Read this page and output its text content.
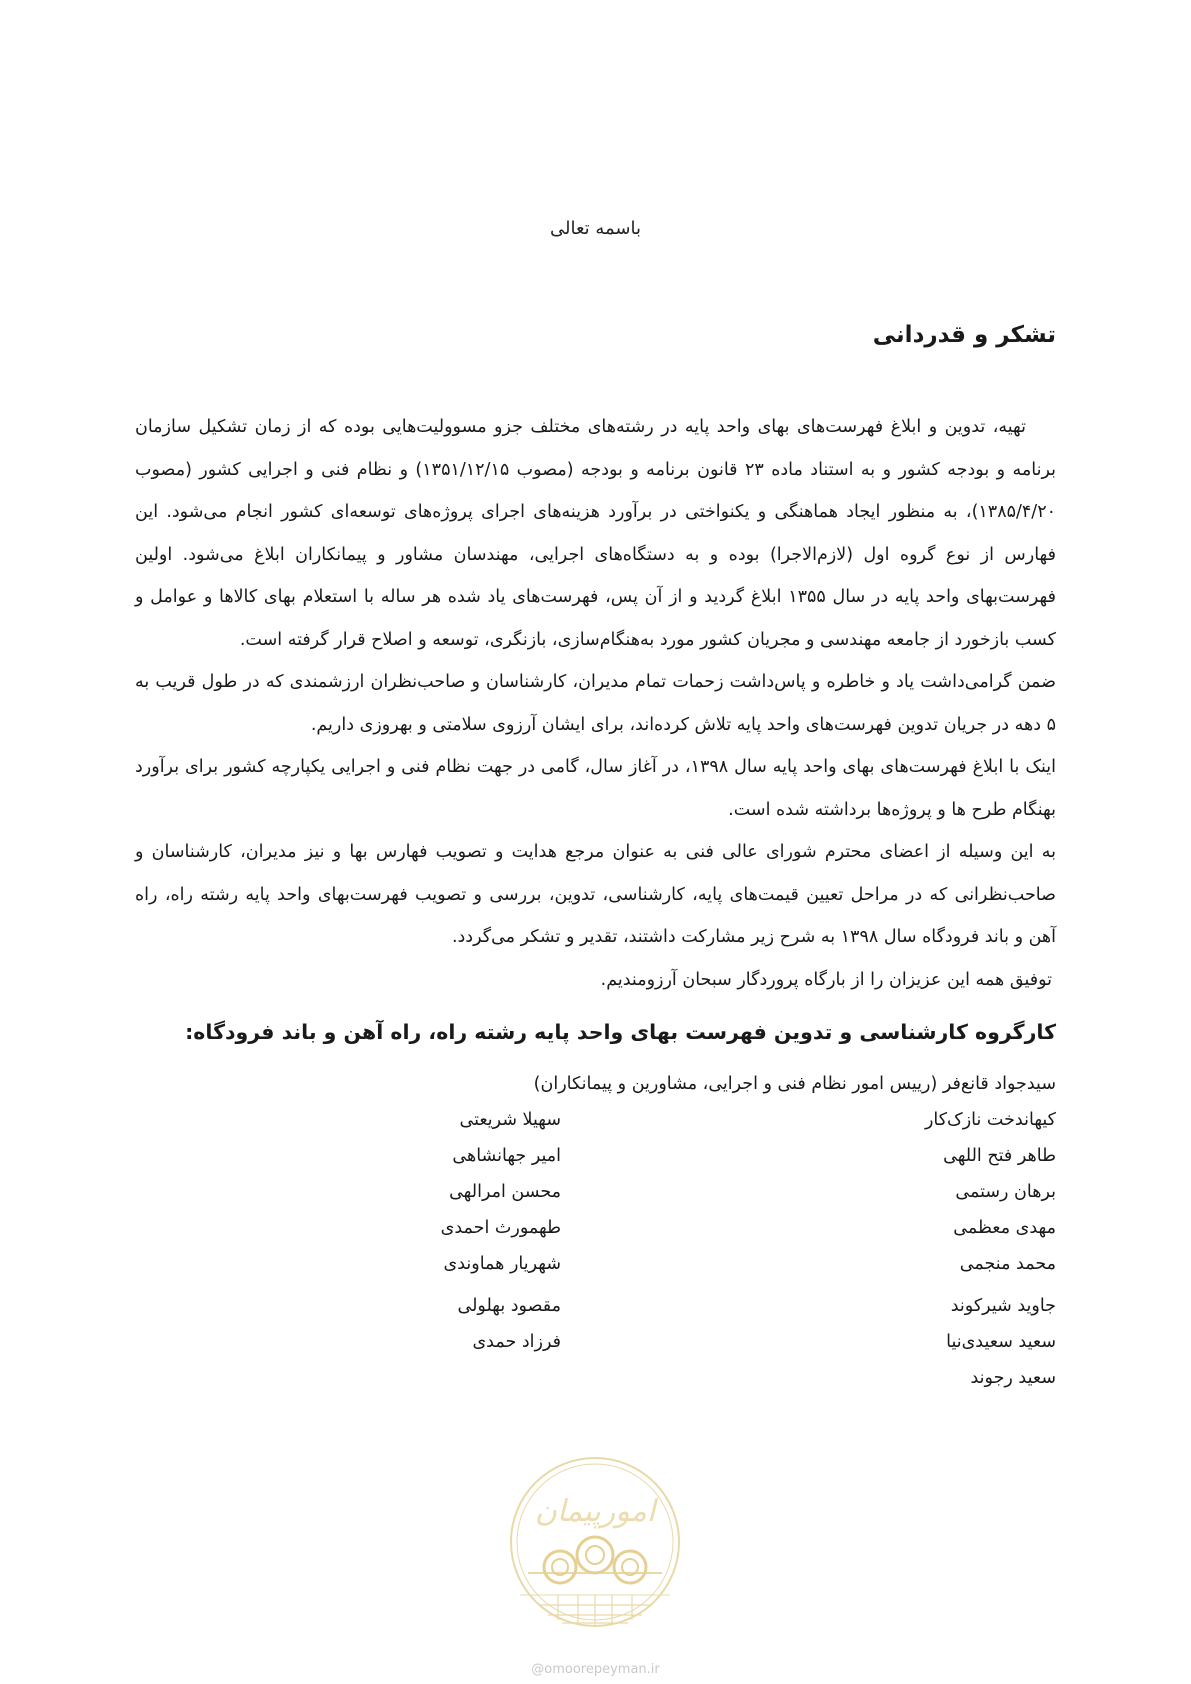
باسمه تعالی
تشکر و قدردانی

تهیه، تدوین و ابلاغ فهرست‌های بهای واحد پایه در رشته‌های مختلف جزو مسوولیت‌هایی بوده که از زمان تشکیل سازمان برنامه و بودجه کشور و به استناد ماده ۲۳ قانون برنامه و بودجه (مصوب ۱۳۵۱/۱۲/۱۵) و نظام فنی و اجرایی کشور (مصوب ۱۳۸۵/۴/۲۰)، به منظور ایجاد هماهنگی و یکنواختی در برآورد هزینه‌های اجرای پروژه‌های توسعه‌ای کشور انجام می‌شود. این فهارس از نوع گروه اول (لازم‌الاجرا) بوده و به دستگاه‌های اجرایی، مهندسان مشاور و پیمانکاران ابلاغ می‌شود. اولین فهرست‌بهای واحد پایه در سال ۱۳۵۵ ابلاغ گردید و از آن پس، فهرست‌های یاد شده هر ساله با استعلام بهای کالاها و عوامل و کسب بازخورد از جامعه مهندسی و مجریان کشور مورد به‌هنگام‌سازی، بازنگری، توسعه و اصلاح قرار گرفته است.

ضمن گرامی‌داشت یاد و خاطره و پاس‌داشت زحمات تمام مدیران، کارشناسان و صاحب‌نظران ارزشمندی که در طول قریب به ۵ دهه در جریان تدوین فهرست‌های واحد پایه تلاش کرده‌اند، برای ایشان آرزوی سلامتی و بهروزی داریم.

اینک با ابلاغ فهرست‌های بهای واحد پایه سال ۱۳۹۸، در آغاز سال، گامی در جهت نظام فنی و اجرایی یکپارچه کشور برای برآورد بهنگام طرح ها و پروژه‌ها برداشته شده است.

به این وسیله از اعضای محترم شورای عالی فنی به عنوان مرجع هدایت و تصویب فهارس بها و نیز مدیران، کارشناسان و صاحب‌نظرانی که در مراحل تعیین قیمت‌های پایه، کارشناسی، تدوین، بررسی و تصویب فهرست‌بهای واحد پایه رشته راه، راه آهن و باند فرودگاه سال ۱۳۹۸ به شرح زیر مشارکت داشتند، تقدیر و تشکر می‌گردد.

توفیق همه این عزیزان را از بارگاه پروردگار سبحان آرزومندیم.

کارگروه کارشناسی و تدوین فهرست بهای واحد پایه رشته راه، راه آهن و باند فرودگاه:
سیدجواد قانع‌فر (رییس امور نظام فنی و اجرایی، مشاورین و پیمانکاران)
کیهاندخت نازک‌کار
طاهر فتح اللهی
برهان رستمی
مهدی معظمی
محمد منجمی
جاوید شیرکوند
سعید سعیدی‌نیا
سعید رجوند
سهیلا شریعتی
امیر جهانشاهی
محسن امرالهی
طهمورث احمدی
شهریار هماوندی
مقصود بهلولی
فرزاد حمدی
امورپیمان
@omoorepeyman.ir
